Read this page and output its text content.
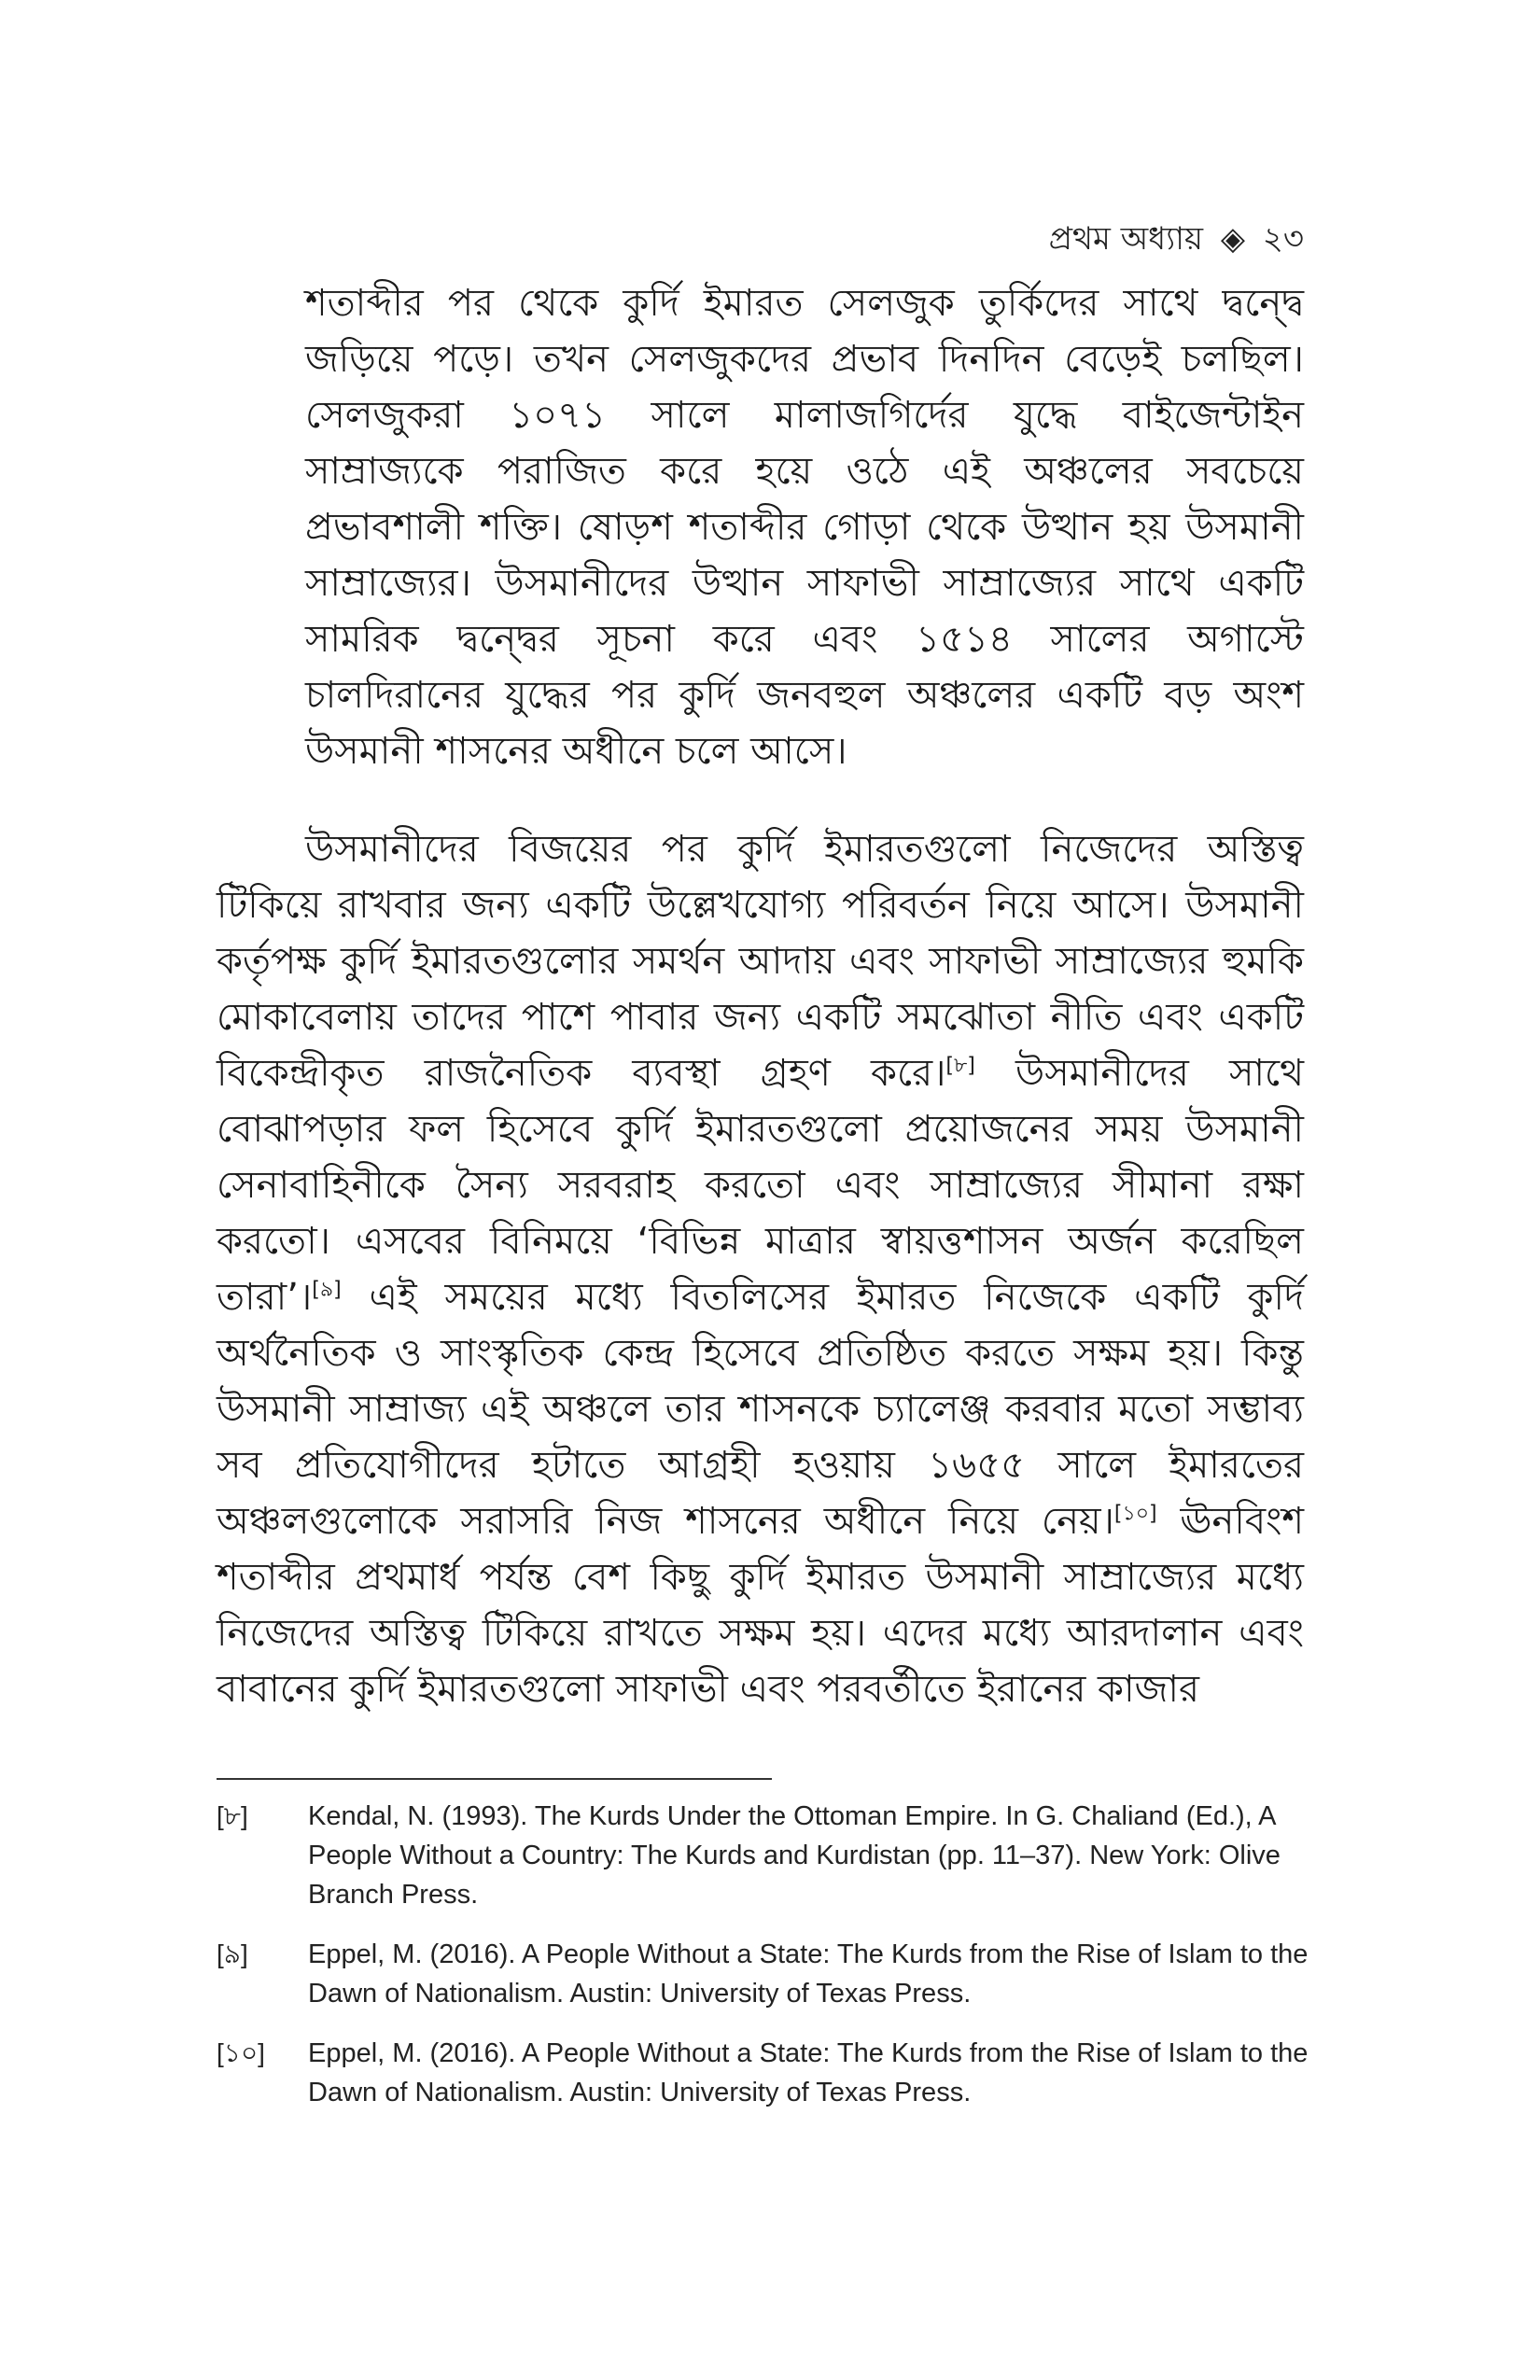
প্রথম অধ্যায় ◈ ২৩

শতাব্দীর পর থেকে কুর্দি ইমারত সেলজুক তুর্কিদের সাথে দ্বন্দ্বে জড়িয়ে পড়ে। তখন সেলজুকদের প্রভাব দিনদিন বেড়েই চলছিল। সেলজুকরা ১০৭১ সালে মালাজগির্দের যুদ্ধে বাইজেন্টাইন সাম্রাজ্যকে পরাজিত করে হয়ে ওঠে এই অঞ্চলের সবচেয়ে প্রভাবশালী শক্তি। ষোড়শ শতাব্দীর গোড়া থেকে উত্থান হয় উসমানী সাম্রাজ্যের। উসমানীদের উত্থান সাফাভী সাম্রাজ্যের সাথে একটি সামরিক দ্বন্দ্বের সূচনা করে এবং ১৫১৪ সালের অগাস্টে চালদিরানের যুদ্ধের পর কুর্দি জনবহুল অঞ্চলের একটি বড় অংশ উসমানী শাসনের অধীনে চলে আসে।

উসমানীদের বিজয়ের পর কুর্দি ইমারতগুলো নিজেদের অস্তিত্ব টিকিয়ে রাখবার জন্য একটি উল্লেখযোগ্য পরিবর্তন নিয়ে আসে। উসমানী কর্তৃপক্ষ কুর্দি ইমারতগুলোর সমর্থন আদায় এবং সাফাভী সাম্রাজ্যের হুমকি মোকাবেলায় তাদের পাশে পাবার জন্য একটি সমঝোতা নীতি এবং একটি বিকেন্দ্রীকৃত রাজনৈতিক ব্যবস্থা গ্রহণ করে।[৮] উসমানীদের সাথে বোঝাপড়ার ফল হিসেবে কুর্দি ইমারতগুলো প্রয়োজনের সময় উসমানী সেনাবাহিনীকে সৈন্য সরবরাহ করতো এবং সাম্রাজ্যের সীমানা রক্ষা করতো। এসবের বিনিময়ে ‘বিভিন্ন মাত্রার স্বায়ত্তশাসন অর্জন করেছিল তারা’।[৯] এই সময়ের মধ্যে বিতলিসের ইমারত নিজেকে একটি কুর্দি অর্থনৈতিক ও সাংস্কৃতিক কেন্দ্র হিসেবে প্রতিষ্ঠিত করতে সক্ষম হয়। কিন্তু উসমানী সাম্রাজ্য এই অঞ্চলে তার শাসনকে চ্যালেঞ্জ করবার মতো সম্ভাব্য সব প্রতিযোগীদের হটাতে আগ্রহী হওয়ায় ১৬৫৫ সালে ইমারতের অঞ্চলগুলোকে সরাসরি নিজ শাসনের অধীনে নিয়ে নেয়।[১০] ঊনবিংশ শতাব্দীর প্রথমার্ধ পর্যন্ত বেশ কিছু কুর্দি ইমারত উসমানী সাম্রাজ্যের মধ্যে নিজেদের অস্তিত্ব টিকিয়ে রাখতে সক্ষম হয়। এদের মধ্যে আরদালান এবং বাবানের কুর্দি ইমারতগুলো সাফাভী এবং পরবর্তীতে ইরানের কাজার

[৮]	Kendal, N. (1993). The Kurds Under the Ottoman Empire. In G. Chaliand (Ed.), A People Without a Country: The Kurds and Kurdistan (pp. 11–37). New York: Olive Branch Press.
[৯]	Eppel, M. (2016). A People Without a State: The Kurds from the Rise of Islam to the Dawn of Nationalism. Austin: University of Texas Press.
[১০]	Eppel, M. (2016). A People Without a State: The Kurds from the Rise of Islam to the Dawn of Nationalism. Austin: University of Texas Press.
